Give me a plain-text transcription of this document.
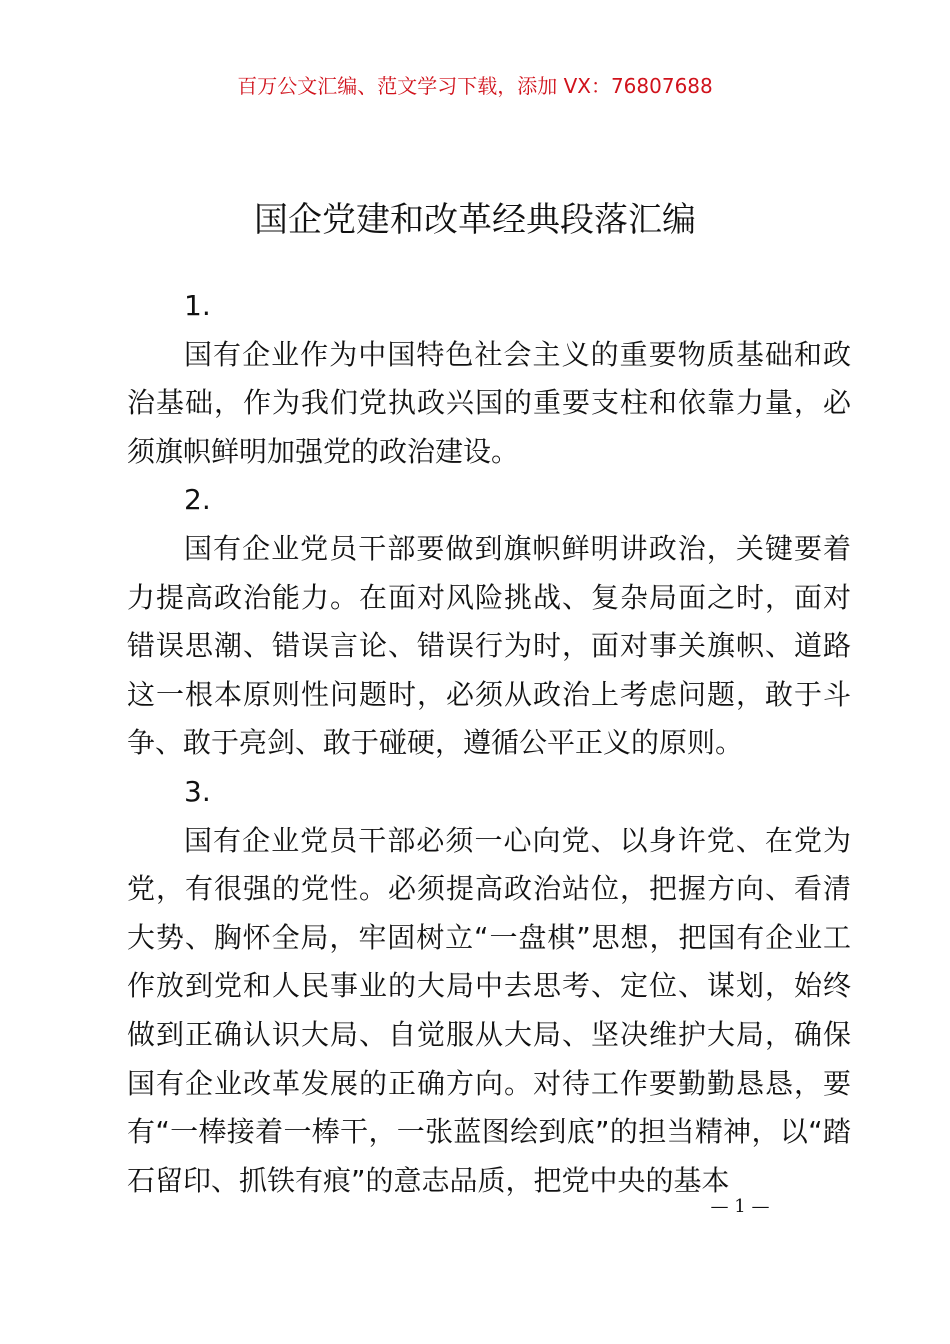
百万公文汇编、范文学习下载，添加 VX：76807688
国企党建和改革经典段落汇编

1.

国有企业作为中国特色社会主义的重要物质基础和政治基础，作为我们党执政兴国的重要支柱和依靠力量，必须旗帜鲜明加强党的政治建设。

2.

国有企业党员干部要做到旗帜鲜明讲政治，关键要着力提高政治能力。在面对风险挑战、复杂局面之时，面对错误思潮、错误言论、错误行为时，面对事关旗帜、道路这一根本原则性问题时，必须从政治上考虑问题，敢于斗争、敢于亮剑、敢于碰硬，遵循公平正义的原则。

3.

国有企业党员干部必须一心向党、以身许党、在党为党，有很强的党性。必须提高政治站位，把握方向、看清大势、胸怀全局，牢固树立“一盘棋”思想，把国有企业工作放到党和人民事业的大局中去思考、定位、谋划，始终做到正确认识大局、自觉服从大局、坚决维护大局，确保国有企业改革发展的正确方向。对待工作要勤勤恳恳，要有“一棒接着一棒干，一张蓝图绘到底”的担当精神，以“踏石留印、抓铁有痕”的意志品质，把党中央的基本

— 1 —
